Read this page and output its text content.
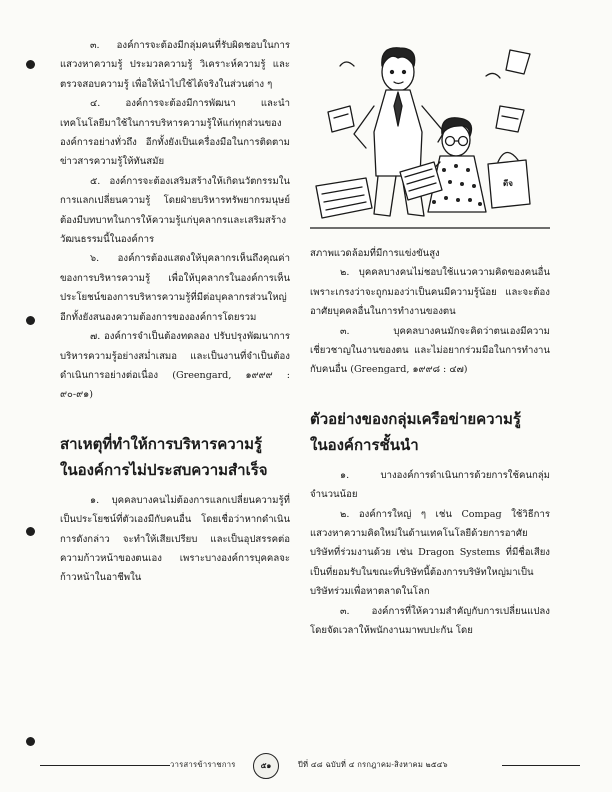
๓. องค์การจะต้องมีกลุ่มคนที่รับผิดชอบในการแสวงหาความรู้ ประมวลความรู้ วิเคราะห์ความรู้ และตรวจสอบความรู้ เพื่อให้นำไปใช้ได้จริงในส่วนต่าง ๆ

๔. องค์การจะต้องมีการพัฒนา และนำเทคโนโลยีมาใช้ในการบริหารความรู้ให้แก่ทุกส่วนขององค์การอย่างทั่วถึง อีกทั้งยังเป็นเครื่องมือในการติดตามข่าวสารความรู้ให้ทันสมัย

๕. องค์การจะต้องเสริมสร้างให้เกิดนวัตกรรมในการแลกเปลี่ยนความรู้ โดยฝ่ายบริหารทรัพยากรมนุษย์ต้องมีบทบาทในการให้ความรู้แก่บุคลากรและเสริมสร้างวัฒนธรรมนี้ในองค์การ

๖. องค์การต้องแสดงให้บุคลากรเห็นถึงคุณค่าของการบริหารความรู้ เพื่อให้บุคลากรในองค์การเห็นประโยชน์ของการบริหารความรู้ที่มีต่อบุคลากรส่วนใหญ่ อีกทั้งยังสนองความต้องการขององค์การโดยรวม

๗. องค์การจำเป็นต้องทดลอง ปรับปรุงพัฒนาการบริหารความรู้อย่างสม่ำเสมอ และเป็นงานที่จำเป็นต้องดำเนินการอย่างต่อเนื่อง (Greengard, ๑๙๙๙ : ๙๐-๙๑)

สาเหตุที่ทำให้การบริหารความรู้

ในองค์การไม่ประสบความสำเร็จ

๑. บุคคลบางคนไม่ต้องการแลกเปลี่ยนความรู้ที่เป็นประโยชน์ที่ตัวเองมีกับคนอื่น โดยเชื่อว่าหากดำเนินการดังกล่าว จะทำให้เสียเปรียบ และเป็นอุปสรรคต่อความก้าวหน้าของตนเอง เพราะบางองค์การบุคคลจะก้าวหน้าในอาชีพใน

ดีจ

สภาพแวดล้อมที่มีการแข่งขันสูง

๒. บุคคลบางคนไม่ชอบใช้แนวความคิดของคนอื่น เพราะเกรงว่าจะถูกมองว่าเป็นคนมีความรู้น้อย และจะต้องอาศัยบุคคลอื่นในการทำงานของตน

๓. บุคคลบางคนมักจะคิดว่าตนเองมีความเชี่ยวชาญในงานของตน และไม่อยากร่วมมือในการทำงานกับคนอื่น (Greengard, ๑๙๙๘ : ๔๗)

ตัวอย่างของกลุ่มเครือข่ายความรู้

ในองค์การชั้นนำ

๑. บางองค์การดำเนินการด้วยการใช้คนกลุ่มจำนวนน้อย

๒. องค์การใหญ่ ๆ เช่น Compag ใช้วิธีการแสวงหาความคิดใหม่ในด้านเทคโนโลยีด้วยการอาศัยบริษัทที่ร่วมงานด้วย เช่น Dragon Systems ที่มีชื่อเสียงเป็นที่ยอมรับในขณะที่บริษัทนี้ต้องการบริษัทใหญ่มาเป็นบริษัทร่วมเพื่อหาตลาดในโลก

๓. องค์การที่ให้ความสำคัญกับการเปลี่ยนแปลง โดยจัดเวลาให้พนักงานมาพบปะกัน โดย

วารสารข้าราชการ	๕๑	ปีที่ ๔๘ ฉบับที่ ๔ กรกฎาคม-สิงหาคม ๒๕๔๖
